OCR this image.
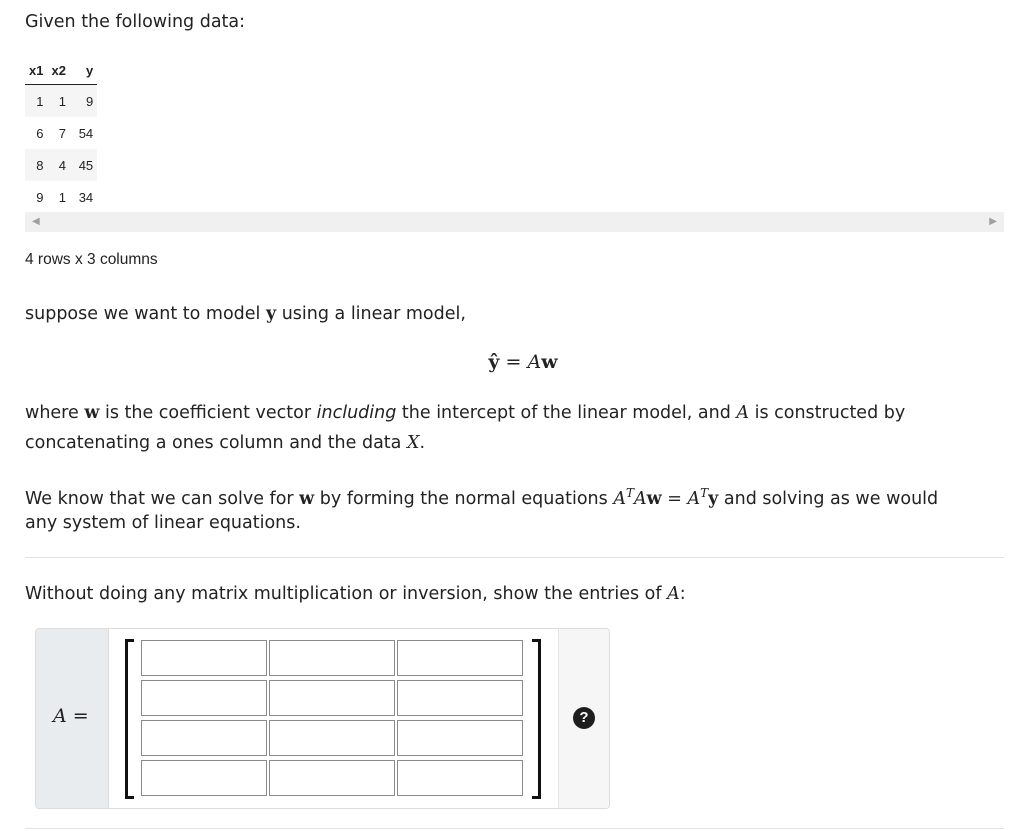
Given the following data:

x1	x2	y
1	1	9
6	7	54
8	4	45
9	1	34
◀	▶
4 rows x 3 columns

suppose we want to model y using a linear model,

ŷ = Aw

where w is the coefficient vector including the intercept of the linear model, and A is constructed by

concatenating a ones column and the data X.

We know that we can solve for w by forming the normal equations $A^TAw = A^Ty$ and solving as we would

any system of linear equations.

Without doing any matrix multiplication or inversion, show the entries of A:

A =	?
